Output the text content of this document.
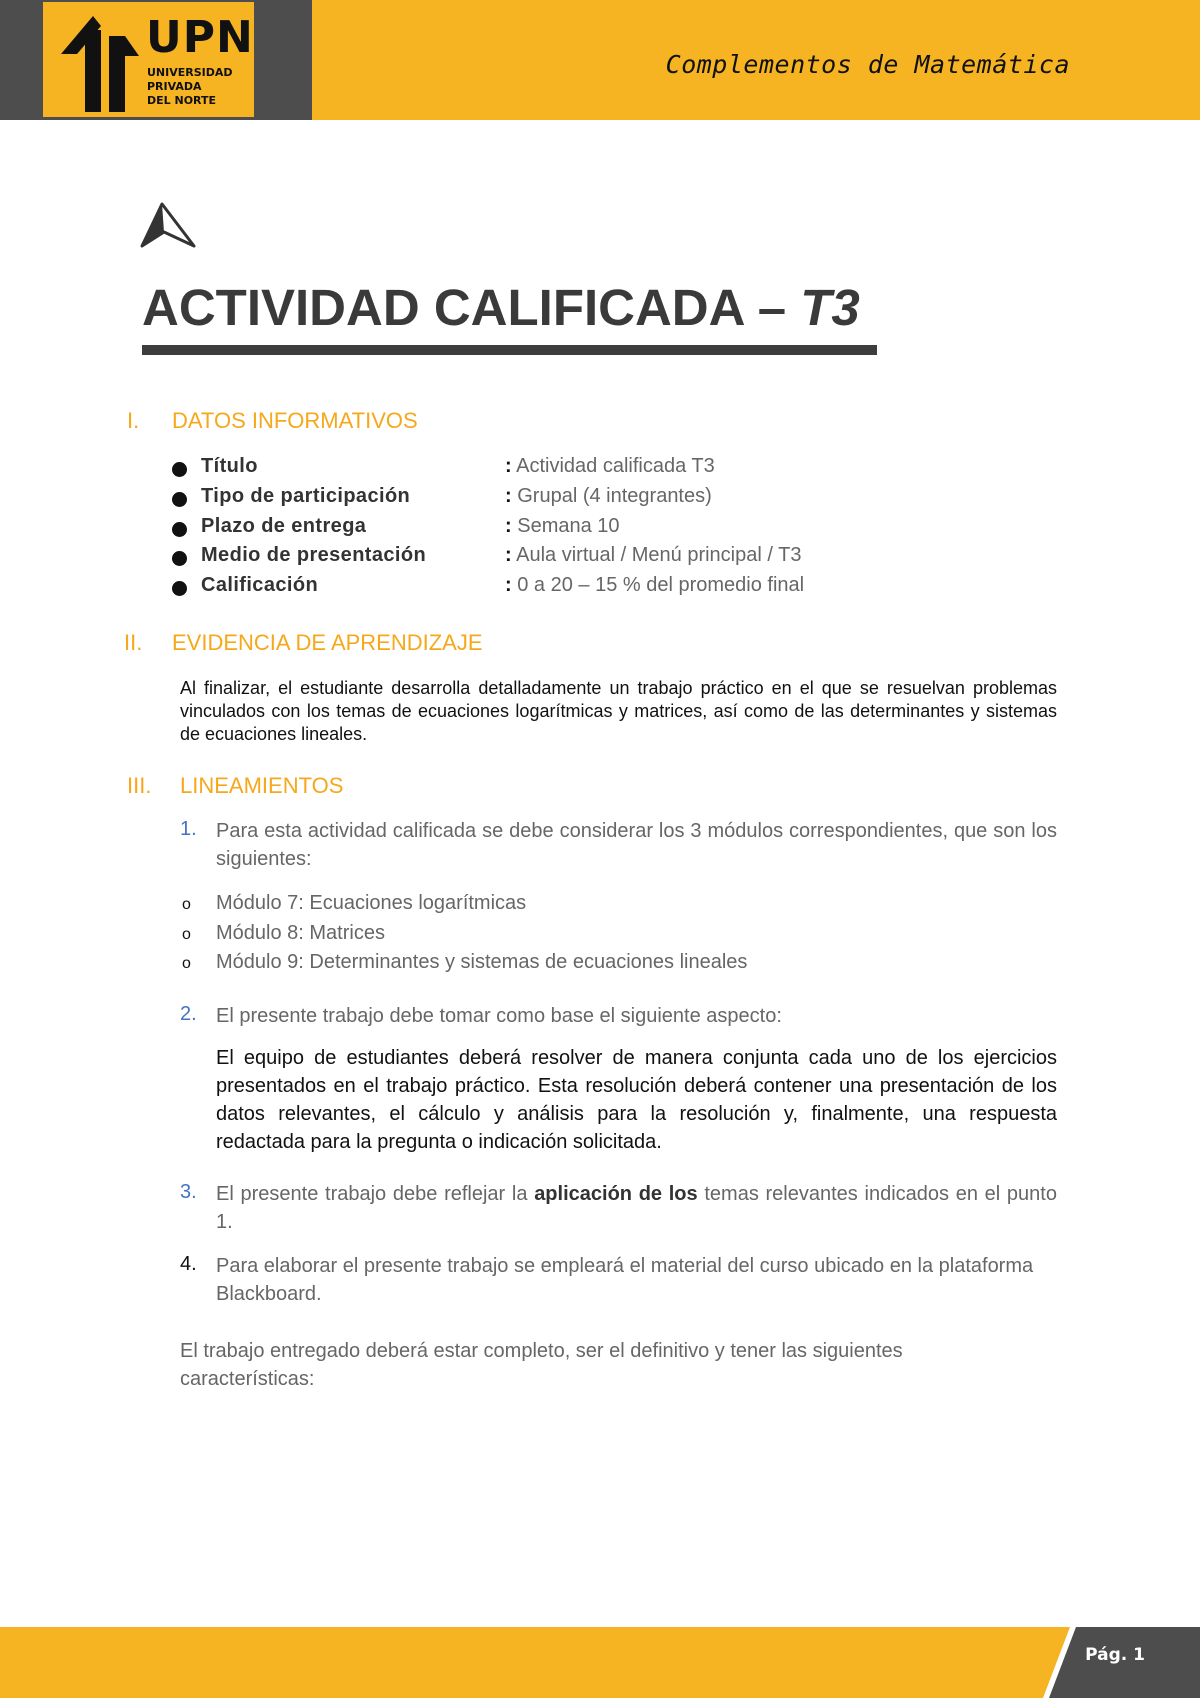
UPN
UNIVERSIDAD
PRIVADA
DEL NORTE
Complementos de Matemática
ACTIVIDAD CALIFICADA – T3
I. DATOS INFORMATIVOS
Título	: Actividad calificada T3
Tipo de participación	: Grupal (4 integrantes)
Plazo de entrega	: Semana 10
Medio de presentación	: Aula virtual / Menú principal / T3
Calificación	: 0 a 20 – 15 % del promedio final
II. EVIDENCIA DE APRENDIZAJE
Al finalizar, el estudiante desarrolla detalladamente un trabajo práctico en el que se resuelvan problemas vinculados con los temas de ecuaciones logarítmicas y matrices, así como de las determinantes y sistemas de ecuaciones lineales.
III. LINEAMIENTOS
1. Para esta actividad calificada se debe considerar los 3 módulos correspondientes, que son los siguientes:
o Módulo 7: Ecuaciones logarítmicas
o Módulo 8: Matrices
o Módulo 9: Determinantes y sistemas de ecuaciones lineales
2. El presente trabajo debe tomar como base el siguiente aspecto:
El equipo de estudiantes deberá resolver de manera conjunta cada uno de los ejercicios presentados en el trabajo práctico. Esta resolución deberá contener una presentación de los datos relevantes, el cálculo y análisis para la resolución y, finalmente, una respuesta redactada para la pregunta o indicación solicitada.
3. El presente trabajo debe reflejar la aplicación de los temas relevantes indicados en el punto 1.
4. Para elaborar el presente trabajo se empleará el material del curso ubicado en la plataforma Blackboard.
El trabajo entregado deberá estar completo, ser el definitivo y tener las siguientes características:
Pág. 1
